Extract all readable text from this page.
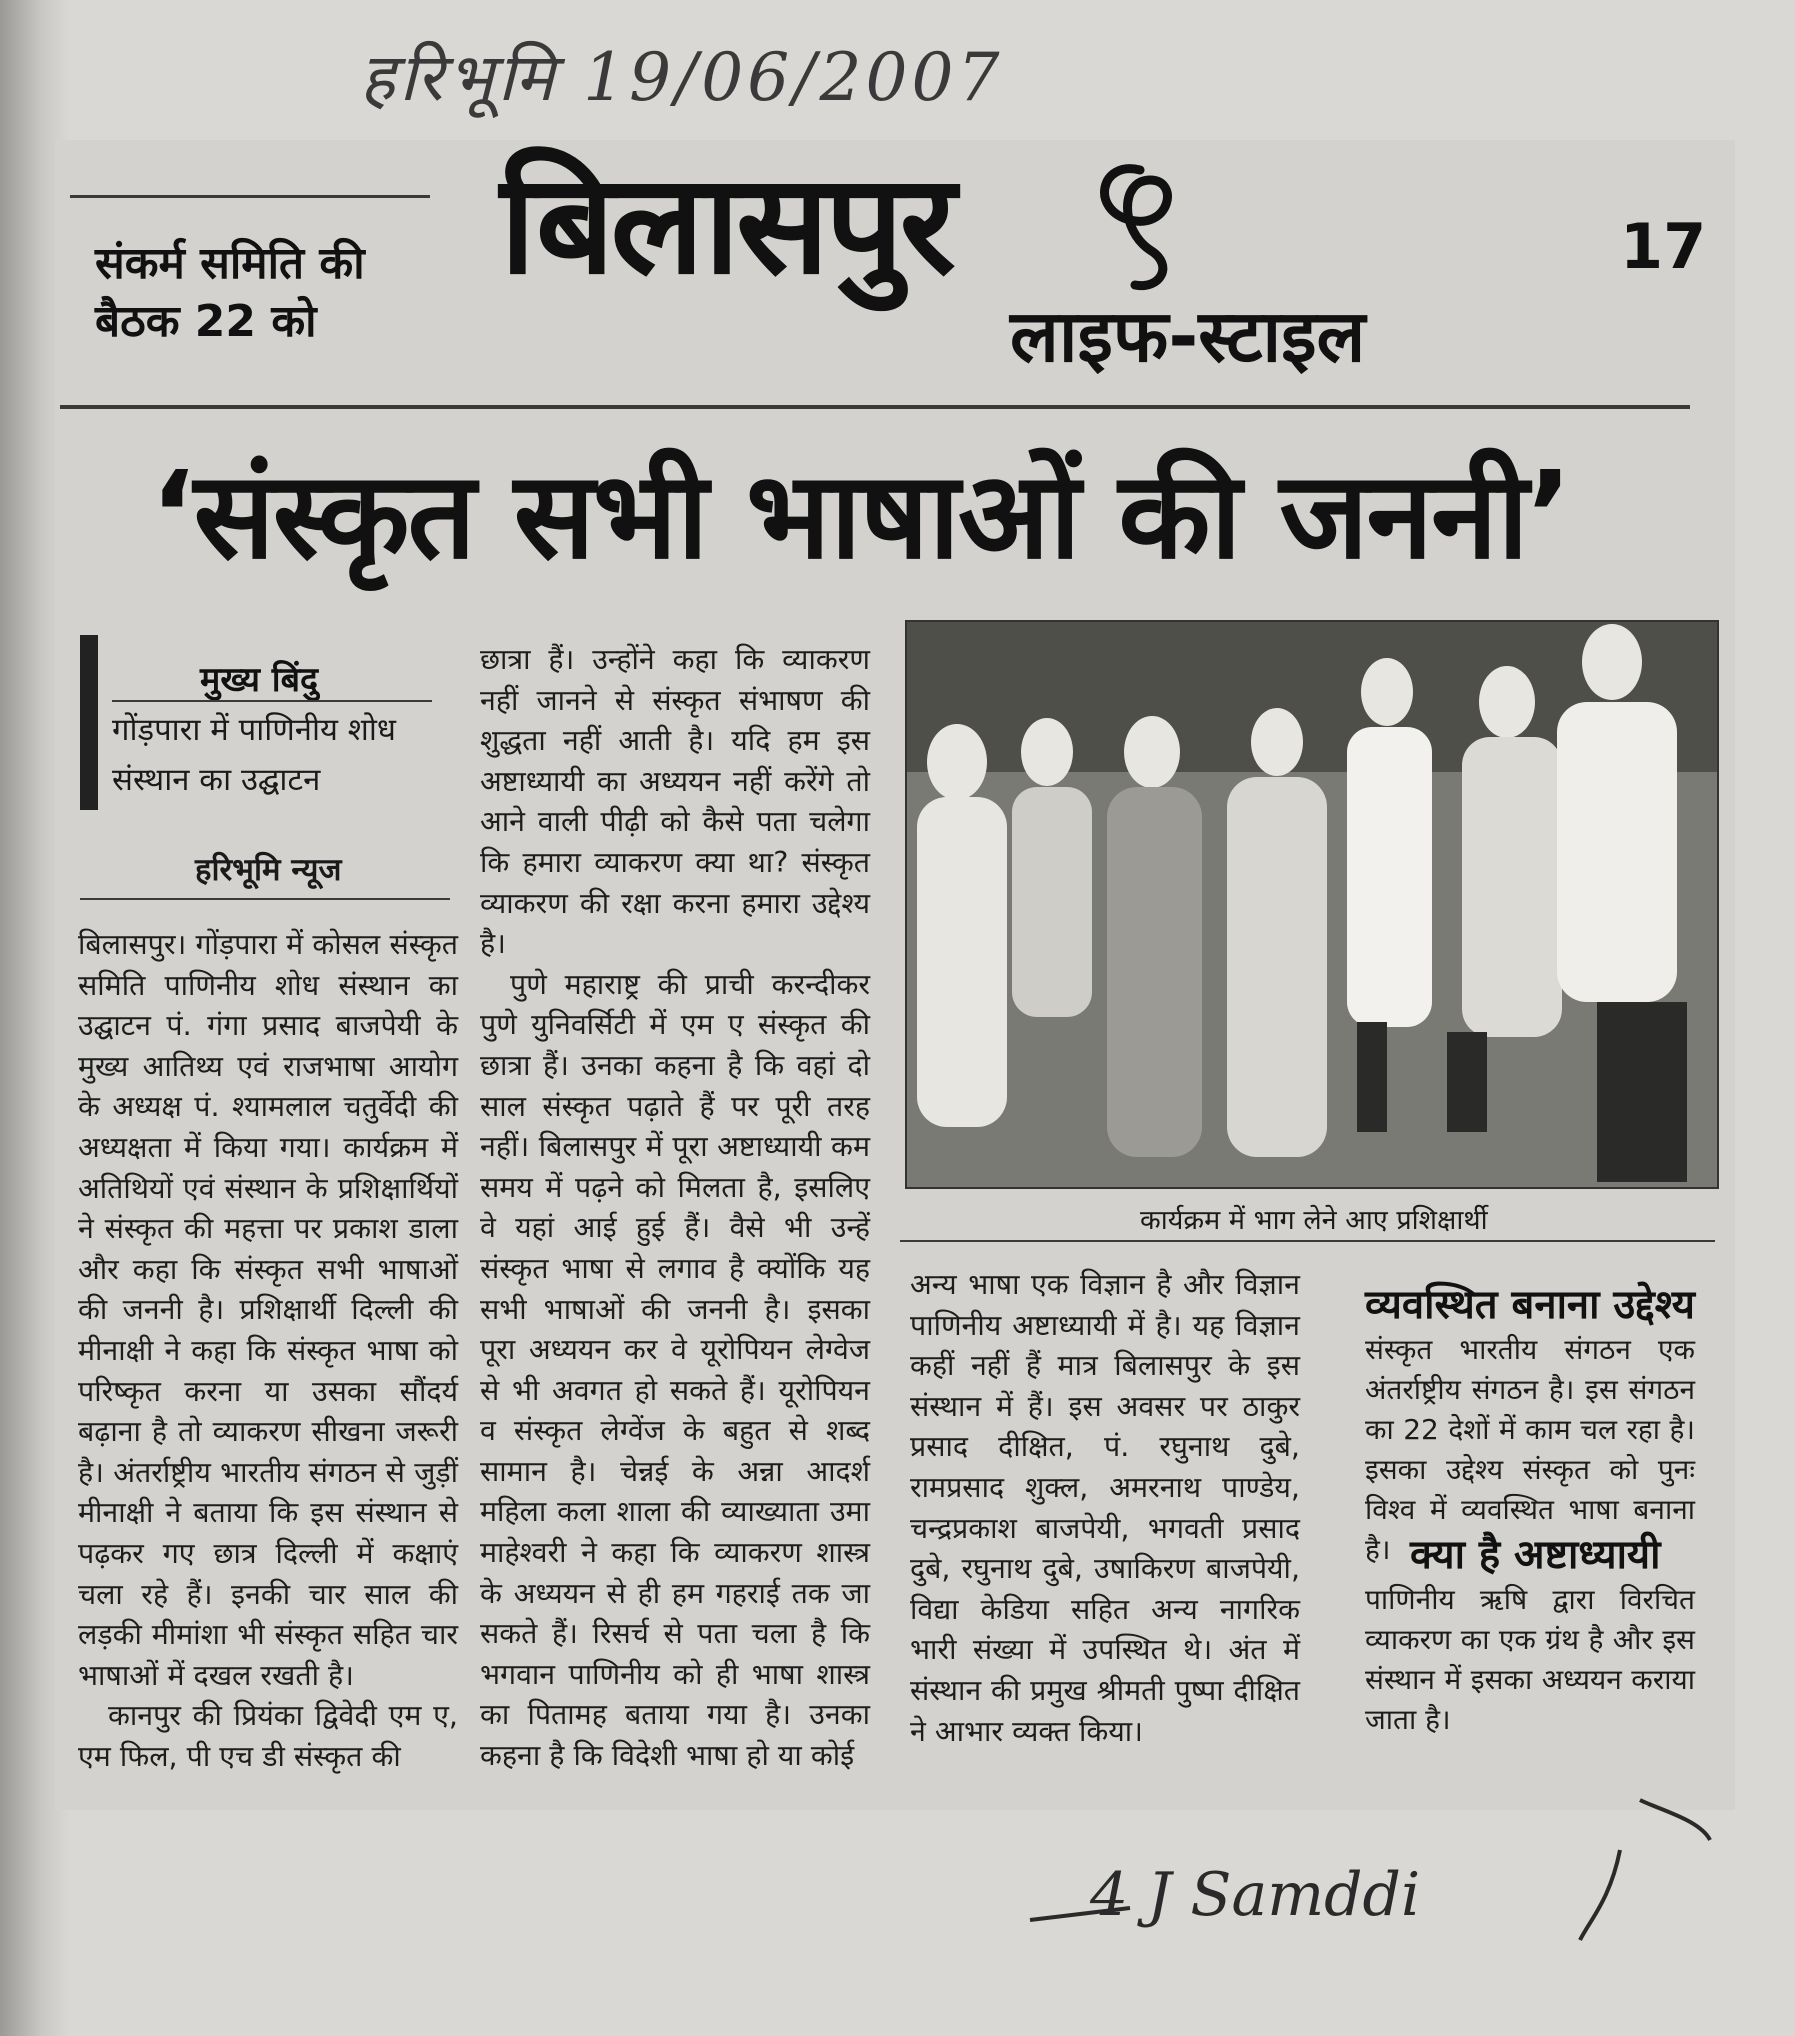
हरिभूमि 19/06/2007
संकर्म समिति की बैठक 22 को
बिलासपुर
लाइफ-स्टाइल
17
‘संस्कृत सभी भाषाओं की जननी’
मुख्य बिंदु
गोंड़पारा में पाणिनीय शोध संस्थान का उद्घाटन
हरिभूमि न्यूज

बिलासपुर। गोंड़पारा में कोसल संस्कृत समिति पाणिनीय शोध संस्थान का उद्घाटन पं. गंगा प्रसाद बाजपेयी के मुख्य आतिथ्य एवं राजभाषा आयोग के अध्यक्ष पं. श्यामलाल चतुर्वेदी की अध्यक्षता में किया गया। कार्यक्रम में अतिथियों एवं संस्थान के प्रशिक्षार्थियों ने संस्कृत की महत्ता पर प्रकाश डाला और कहा कि संस्कृत सभी भाषाओं की जननी है। प्रशिक्षार्थी दिल्ली की मीनाक्षी ने कहा कि संस्कृत भाषा को परिष्कृत करना या उसका सौंदर्य बढ़ाना है तो व्याकरण सीखना जरूरी है। अंतर्राष्ट्रीय भारतीय संगठन से जुड़ीं मीनाक्षी ने बताया कि इस संस्थान से पढ़कर गए छात्र दिल्ली में कक्षाएं चला रहे हैं। इनकी चार साल की लड़की मीमांशा भी संस्कृत सहित चार भाषाओं में दखल रखती है।

कानपुर की प्रियंका द्विवेदी एम ए, एम फिल, पी एच डी संस्कृत की

छात्रा हैं। उन्होंने कहा कि व्याकरण नहीं जानने से संस्कृत संभाषण की शुद्धता नहीं आती है। यदि हम इस अष्टाध्यायी का अध्ययन नहीं करेंगे तो आने वाली पीढ़ी को कैसे पता चलेगा कि हमारा व्याकरण क्या था? संस्कृत व्याकरण की रक्षा करना हमारा उद्देश्य है।

पुणे महाराष्ट्र की प्राची करन्दीकर पुणे युनिवर्सिटी में एम ए संस्कृत की छात्रा हैं। उनका कहना है कि वहां दो साल संस्कृत पढ़ाते हैं पर पूरी तरह नहीं। बिलासपुर में पूरा अष्टाध्यायी कम समय में पढ़ने को मिलता है, इसलिए वे यहां आई हुई हैं। वैसे भी उन्हें संस्कृत भाषा से लगाव है क्योंकि यह सभी भाषाओं की जननी है। इसका पूरा अध्ययन कर वे यूरोपियन लेग्वेज से भी अवगत हो सकते हैं। यूरोपियन व संस्कृत लेग्वेंज के बहुत से शब्द सामान है। चेन्नई के अन्ना आदर्श महिला कला शाला की व्याख्याता उमा माहेश्वरी ने कहा कि व्याकरण शास्त्र के अध्ययन से ही हम गहराई तक जा सकते हैं। रिसर्च से पता चला है कि भगवान पाणिनीय को ही भाषा शास्त्र का पितामह बताया गया है। उनका कहना है कि विदेशी भाषा हो या कोई

कार्यक्रम में भाग लेने आए प्रशिक्षार्थी

अन्य भाषा एक विज्ञान है और विज्ञान पाणिनीय अष्टाध्यायी में है। यह विज्ञान कहीं नहीं हैं मात्र बिलासपुर के इस संस्थान में हैं। इस अवसर पर ठाकुर प्रसाद दीक्षित, पं. रघुनाथ दुबे, रामप्रसाद शुक्ल, अमरनाथ पाण्डेय, चन्द्रप्रकाश बाजपेयी, भगवती प्रसाद दुबे, रघुनाथ दुबे, उषाकिरण बाजपेयी, विद्या केडिया सहित अन्य नागरिक भारी संख्या में उपस्थित थे। अंत में संस्थान की प्रमुख श्रीमती पुष्पा दीक्षित ने आभार व्यक्त किया।

व्यवस्थित बनाना उद्देश्य
संस्कृत भारतीय संगठन एक अंतर्राष्ट्रीय संगठन है। इस संगठन का 22 देशों में काम चल रहा है। इसका उद्देश्य संस्कृत को पुनः विश्व में व्यवस्थित भाषा बनाना है। क्या है अष्टाध्यायी
पाणिनीय ऋषि द्वारा विरचित व्याकरण का एक ग्रंथ है और इस संस्थान में इसका अध्ययन कराया जाता है।
4 J Samddi
